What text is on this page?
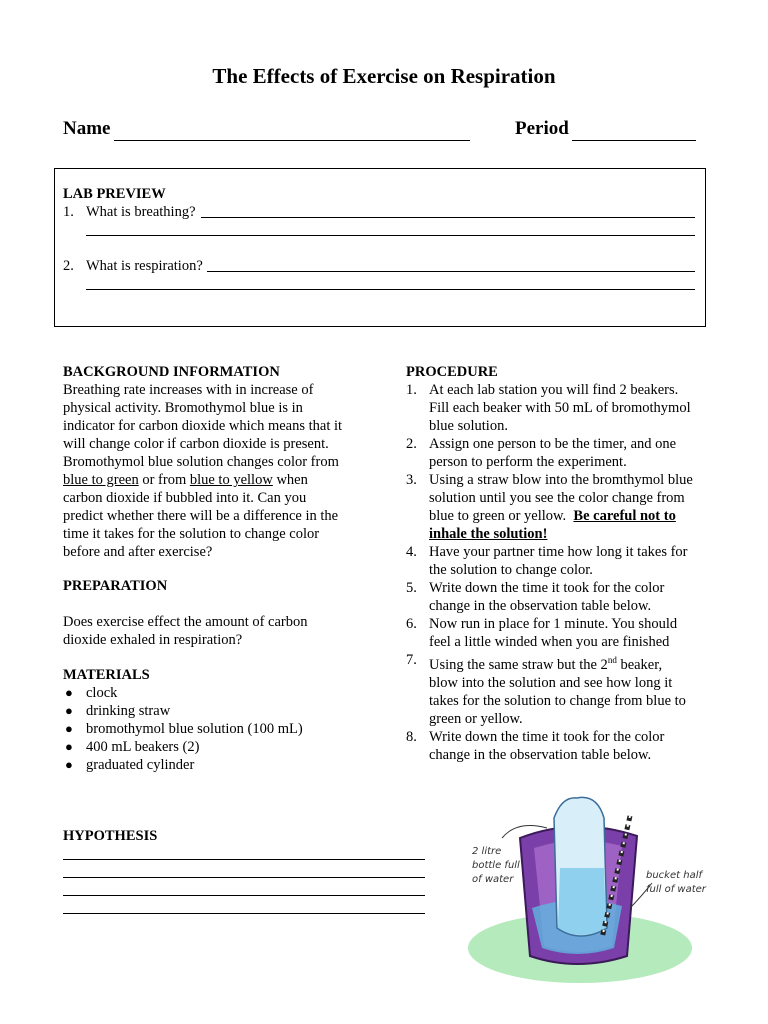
The Effects of Exercise on Respiration
Name	Period
LAB PREVIEW
1. What is breathing?
2. What is respiration?
BACKGROUND INFORMATION
Breathing rate increases with in increase of
physical activity. Bromothymol blue is in
indicator for carbon dioxide which means that it
will change color if carbon dioxide is present.
Bromothymol blue solution changes color from
blue to green or from blue to yellow when
carbon dioxide if bubbled into it. Can you
predict whether there will be a difference in the
time it takes for the solution to change color
before and after exercise?
PREPARATION
Does exercise effect the amount of carbon
dioxide exhaled in respiration?
MATERIALS
● clock
● drinking straw
● bromothymol blue solution (100 mL)
● 400 mL beakers (2)
● graduated cylinder
HYPOTHESIS
PROCEDURE
1. At each lab station you will find 2 beakers.
Fill each beaker with 50 mL of bromothymol
blue solution.
2. Assign one person to be the timer, and one
person to perform the experiment.
3. Using a straw blow into the bromthymol blue
solution until you see the color change from
blue to green or yellow.  Be careful not to
inhale the solution!
4. Have your partner time how long it takes for
the solution to change color.
5. Write down the time it took for the color
change in the observation table below.
6. Now run in place for 1 minute. You should
feel a little winded when you are finished
7. Using the same straw but the 2nd beaker,
blow into the solution and see how long it
takes for the solution to change from blue to
green or yellow.
8. Write down the time it took for the color
change in the observation table below.
2 litre
bottle full
of water	bucket half
full of water
